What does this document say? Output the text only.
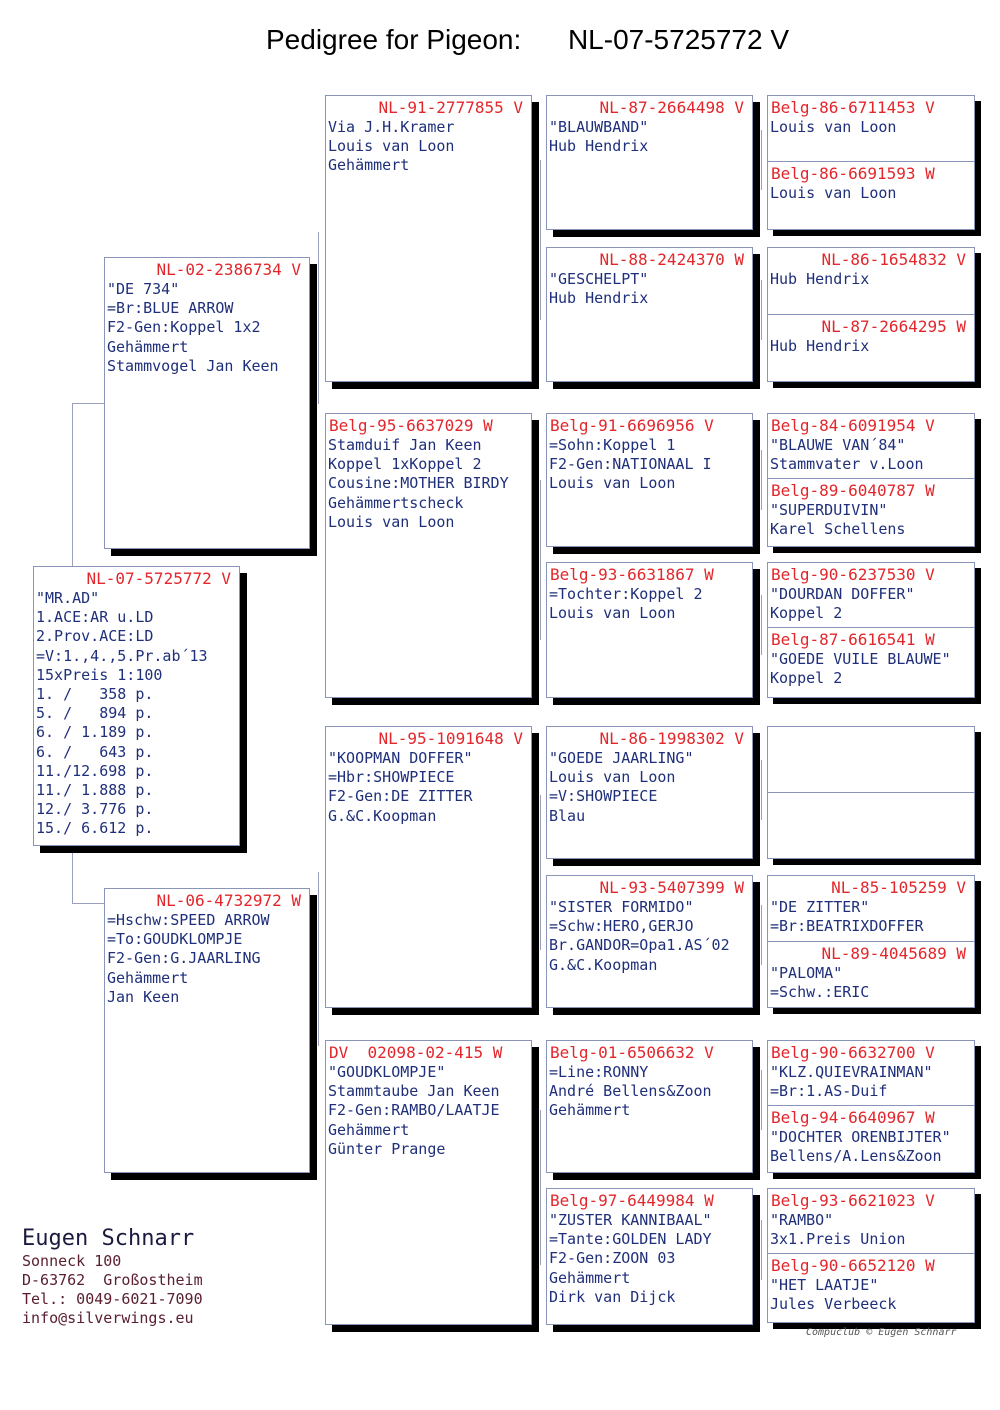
Pedigree for Pigeon:      NL-07-5725772 V
NL-07-5725772 V
"MR.AD"
1.ACE:AR u.LD
2.Prov.ACE:LD
=V:1.,4.,5.Pr.ab´13
15xPreis 1:100
1. /   358 p.
5. /   894 p.
6. / 1.189 p.
6. /   643 p.
11./12.698 p.
11./ 1.888 p.
12./ 3.776 p.
15./ 6.612 p.
NL-02-2386734 V
"DE 734"
=Br:BLUE ARROW
F2-Gen:Koppel 1x2
Gehämmert
Stammvogel Jan Keen
NL-06-4732972 W
=Hschw:SPEED ARROW
=To:GOUDKLOMPJE
F2-Gen:G.JAARLING
Gehämmert
Jan Keen
NL-91-2777855 V
Via J.H.Kramer
Louis van Loon
Gehämmert
Belg-95-6637029 W
Stamduif Jan Keen
Koppel 1xKoppel 2
Cousine:MOTHER BIRDY
Gehämmertscheck
Louis van Loon
NL-95-1091648 V
"KOOPMAN DOFFER"
=Hbr:SHOWPIECE
F2-Gen:DE ZITTER
G.&C.Koopman
DV  02098-02-415 W
"GOUDKLOMPJE"
Stammtaube Jan Keen
F2-Gen:RAMBO/LAATJE
Gehämmert
Günter Prange
NL-87-2664498 V
"BLAUWBAND"
Hub Hendrix
NL-88-2424370 W
"GESCHELPT"
Hub Hendrix
Belg-91-6696956 V
=Sohn:Koppel 1
F2-Gen:NATIONAAL I
Louis van Loon
Belg-93-6631867 W
=Tochter:Koppel 2
Louis van Loon
NL-86-1998302 V
"GOEDE JAARLING"
Louis van Loon
=V:SHOWPIECE
Blau
NL-93-5407399 W
"SISTER FORMIDO"
=Schw:HERO,GERJO
Br.GANDOR=Opa1.AS´02
G.&C.Koopman
Belg-01-6506632 V
=Line:RONNY
André Bellens&Zoon
Gehämmert
Belg-97-6449984 W
"ZUSTER KANNIBAAL"
=Tante:GOLDEN LADY
F2-Gen:ZOON 03
Gehämmert
Dirk van Dijck
Belg-86-6711453 V
Louis van Loon
Belg-86-6691593 W
Louis van Loon
NL-86-1654832 V
Hub Hendrix
NL-87-2664295 W
Hub Hendrix
Belg-84-6091954 V
"BLAUWE VAN´84"
Stammvater v.Loon
Belg-89-6040787 W
"SUPERDUIVIN"
Karel Schellens
Belg-90-6237530 V
"DOURDAN DOFFER"
Koppel 2
Belg-87-6616541 W
"GOEDE VUILE BLAUWE"
Koppel 2
NL-85-105259 V
"DE ZITTER"
=Br:BEATRIXDOFFER
NL-89-4045689 W
"PALOMA"
=Schw.:ERIC
Belg-90-6632700 V
"KLZ.QUIEVRAINMAN"
=Br:1.AS-Duif
Belg-94-6640967 W
"DOCHTER ORENBIJTER"
Bellens/A.Lens&Zoon
Belg-93-6621023 V
"RAMBO"
3x1.Preis Union
Belg-90-6652120 W
"HET LAATJE"
Jules Verbeeck
Eugen Schnarr
Sonneck 100
D-63762  Großostheim
Tel.: 0049-6021-7090
info@silverwings.eu
Compuclub © Eugen Schnarr
